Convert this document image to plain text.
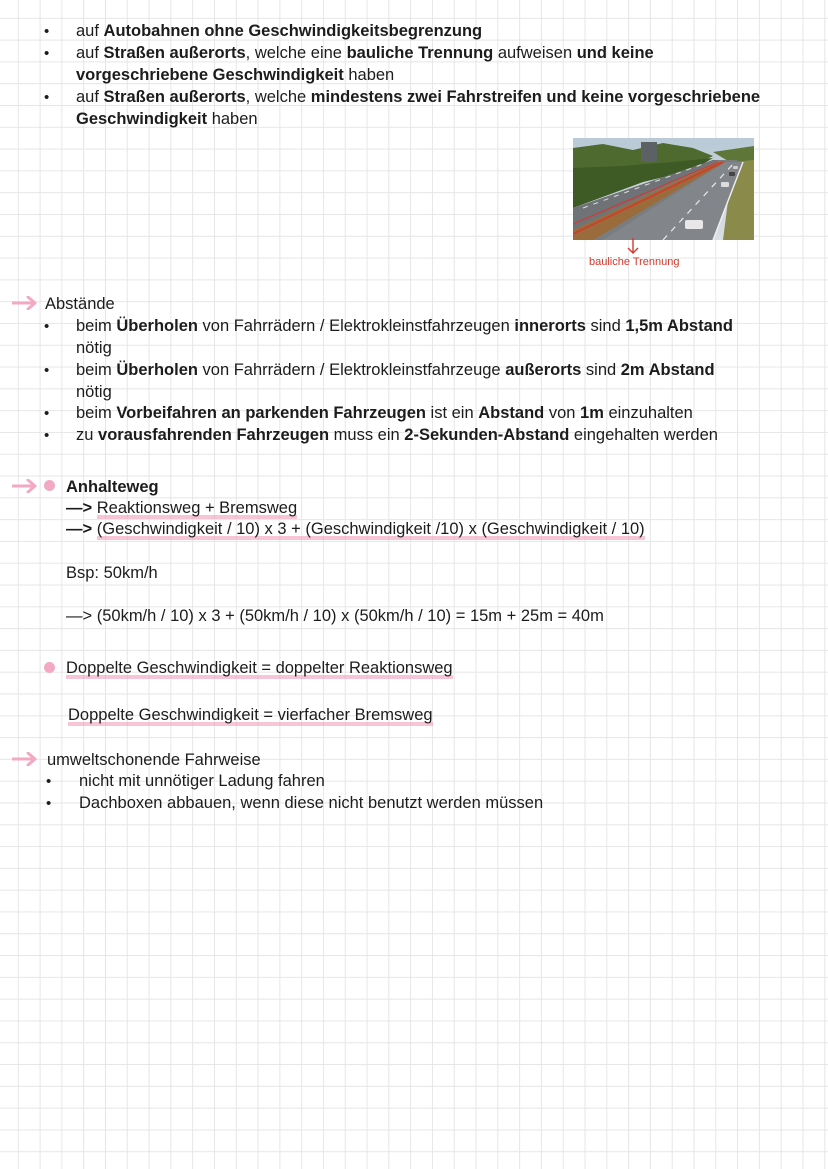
• auf Autobahnen ohne Geschwindigkeitsbegrenzung
• auf Straßen außerorts, welche eine bauliche Trennung aufweisen und keine
vorgeschriebene Geschwindigkeit haben
• auf Straßen außerorts, welche mindestens zwei Fahrstreifen und keine vorgeschriebene
Geschwindigkeit haben
bauliche Trennung
Abstände
• beim Überholen von Fahrrädern / Elektrokleinstfahrzeugen innerorts sind 1,5m Abstand
nötig
• beim Überholen von Fahrrädern / Elektrokleinstfahrzeuge außerorts sind 2m Abstand
nötig
• beim Vorbeifahren an parkenden Fahrzeugen ist ein Abstand von 1m einzuhalten
• zu vorausfahrenden Fahrzeugen muss ein 2-Sekunden-Abstand eingehalten werden
Anhalteweg
—> Reaktionsweg + Bremsweg
—> (Geschwindigkeit / 10) x 3 + (Geschwindigkeit /10) x (Geschwindigkeit / 10)
Bsp: 50km/h
—> (50km/h / 10) x 3 + (50km/h / 10) x (50km/h / 10) = 15m + 25m = 40m
Doppelte Geschwindigkeit = doppelter Reaktionsweg
Doppelte Geschwindigkeit = vierfacher Bremsweg
umweltschonende Fahrweise
• nicht mit unnötiger Ladung fahren
• Dachboxen abbauen, wenn diese nicht benutzt werden müssen
